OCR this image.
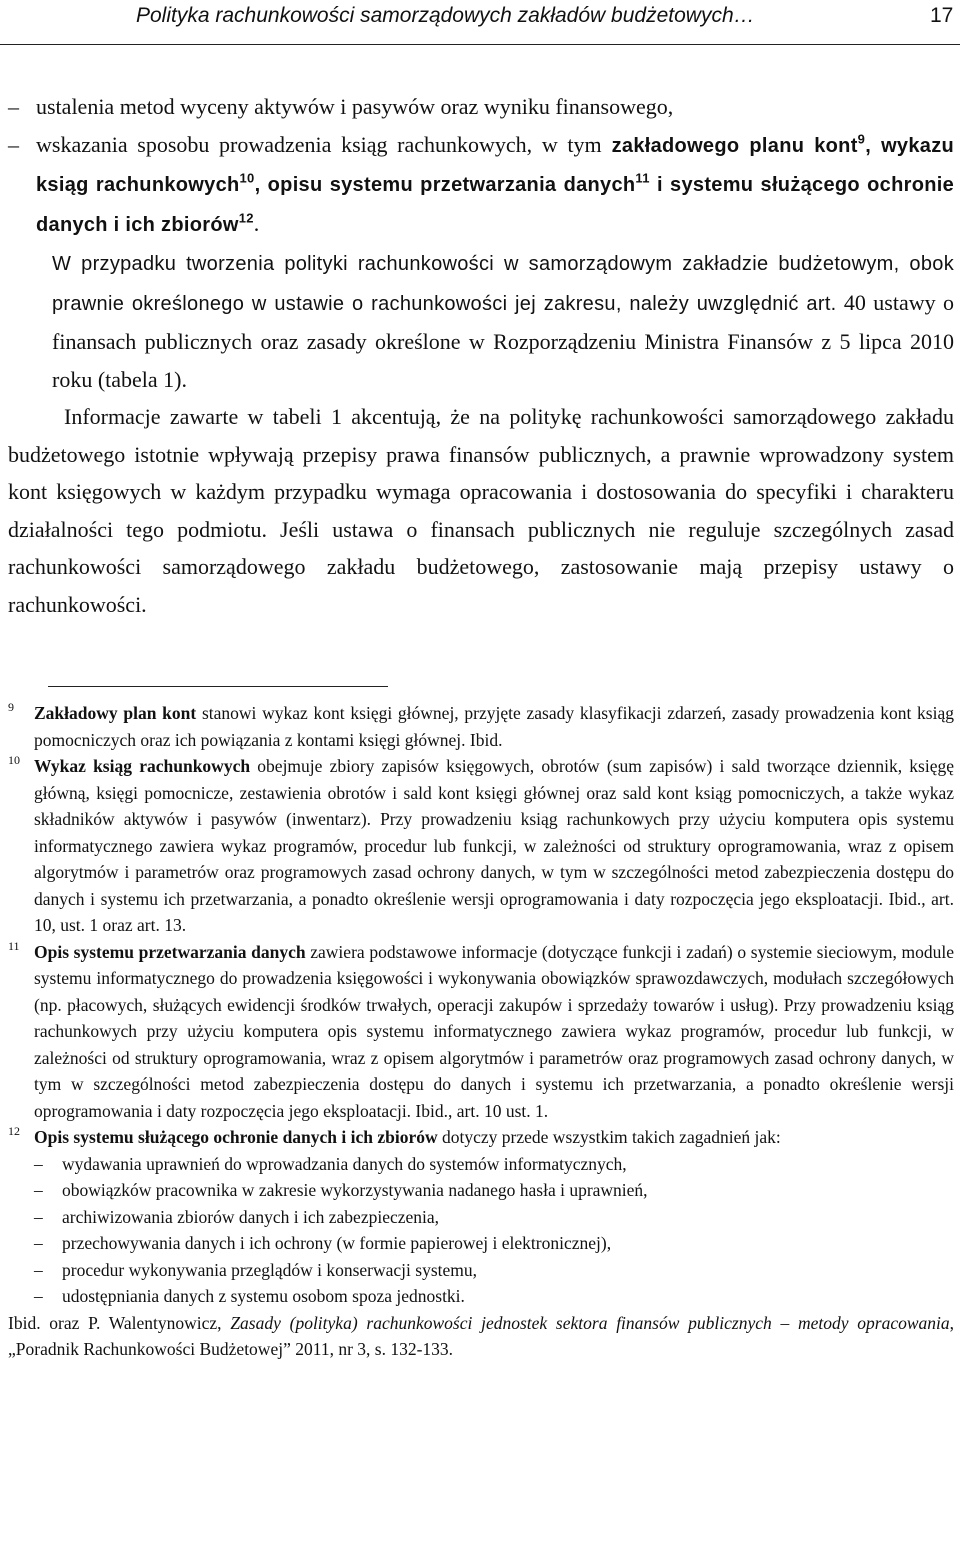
Polityka rachunkowości samorządowych zakładów budżetowych…	17

– ustalenia metod wyceny aktywów i pasywów oraz wyniku finansowego,

– wskazania sposobu prowadzenia ksiąg rachunkowych, w tym zakładowego planu kont$^9$, wykazu ksiąg rachunkowych$^{10}$, opisu systemu przetwarzania danych$^{11}$ i systemu służącego ochronie danych i ich zbiorów$^{12}$.

W przypadku tworzenia polityki rachunkowości w samorządowym zakładzie budżetowym, obok prawnie określonego w ustawie o rachunkowości jej zakresu, należy uwzględnić art. 40 ustawy o finansach publicznych oraz zasady określone w Rozporządzeniu Ministra Finansów z 5 lipca 2010 roku (tabela 1).

Informacje zawarte w tabeli 1 akcentują, że na politykę rachunkowości samorządowego zakładu budżetowego istotnie wpływają przepisy prawa finansów publicznych, a prawnie wprowadzony system kont księgowych w każdym przypadku wymaga opracowania i dostosowania do specyfiki i charakteru działalności tego podmiotu. Jeśli ustawa o finansach publicznych nie reguluje szczególnych zasad rachunkowości samorządowego zakładu budżetowego, zastosowanie mają przepisy ustawy o rachunkowości.

9 Zakładowy plan kont stanowi wykaz kont księgi głównej, przyjęte zasady klasyfikacji zdarzeń, zasady prowadzenia kont ksiąg pomocniczych oraz ich powiązania z kontami księgi głównej. Ibid.

10 Wykaz ksiąg rachunkowych obejmuje zbiory zapisów księgowych, obrotów (sum zapisów) i sald tworzące dziennik, księgę główną, księgi pomocnicze, zestawienia obrotów i sald kont księgi głównej oraz sald kont ksiąg pomocniczych, a także wykaz składników aktywów i pasywów (inwentarz). Przy prowadzeniu ksiąg rachunkowych przy użyciu komputera opis systemu informatycznego zawiera wykaz programów, procedur lub funkcji, w zależności od struktury oprogramowania, wraz z opisem algorytmów i parametrów oraz programowych zasad ochrony danych, w tym w szczególności metod zabezpieczenia dostępu do danych i systemu ich przetwarzania, a ponadto określenie wersji oprogramowania i daty rozpoczęcia jego eksploatacji. Ibid., art. 10, ust. 1 oraz art. 13.

11 Opis systemu przetwarzania danych zawiera podstawowe informacje (dotyczące funkcji i zadań) o systemie sieciowym, module systemu informatycznego do prowadzenia księgowości i wykonywania obowiązków sprawozdawczych, modułach szczegółowych (np. płacowych, służących ewidencji środków trwałych, operacji zakupów i sprzedaży towarów i usług). Przy prowadzeniu ksiąg rachunkowych przy użyciu komputera opis systemu informatycznego zawiera wykaz programów, procedur lub funkcji, w zależności od struktury oprogramowania, wraz z opisem algorytmów i parametrów oraz programowych zasad ochrony danych, w tym w szczególności metod zabezpieczenia dostępu do danych i systemu ich przetwarzania, a ponadto określenie wersji oprogramowania i daty rozpoczęcia jego eksploatacji. Ibid., art. 10 ust. 1.

12 Opis systemu służącego ochronie danych i ich zbiorów dotyczy przede wszystkim takich zagadnień jak:

– wydawania uprawnień do wprowadzania danych do systemów informatycznych,

– obowiązków pracownika w zakresie wykorzystywania nadanego hasła i uprawnień,

– archiwizowania zbiorów danych i ich zabezpieczenia,

– przechowywania danych i ich ochrony (w formie papierowej i elektronicznej),

– procedur wykonywania przeglądów i konserwacji systemu,

– udostępniania danych z systemu osobom spoza jednostki.

Ibid. oraz P. Walentynowicz, Zasady (polityka) rachunkowości jednostek sektora finansów publicznych – metody opracowania, „Poradnik Rachunkowości Budżetowej” 2011, nr 3, s. 132-133.
